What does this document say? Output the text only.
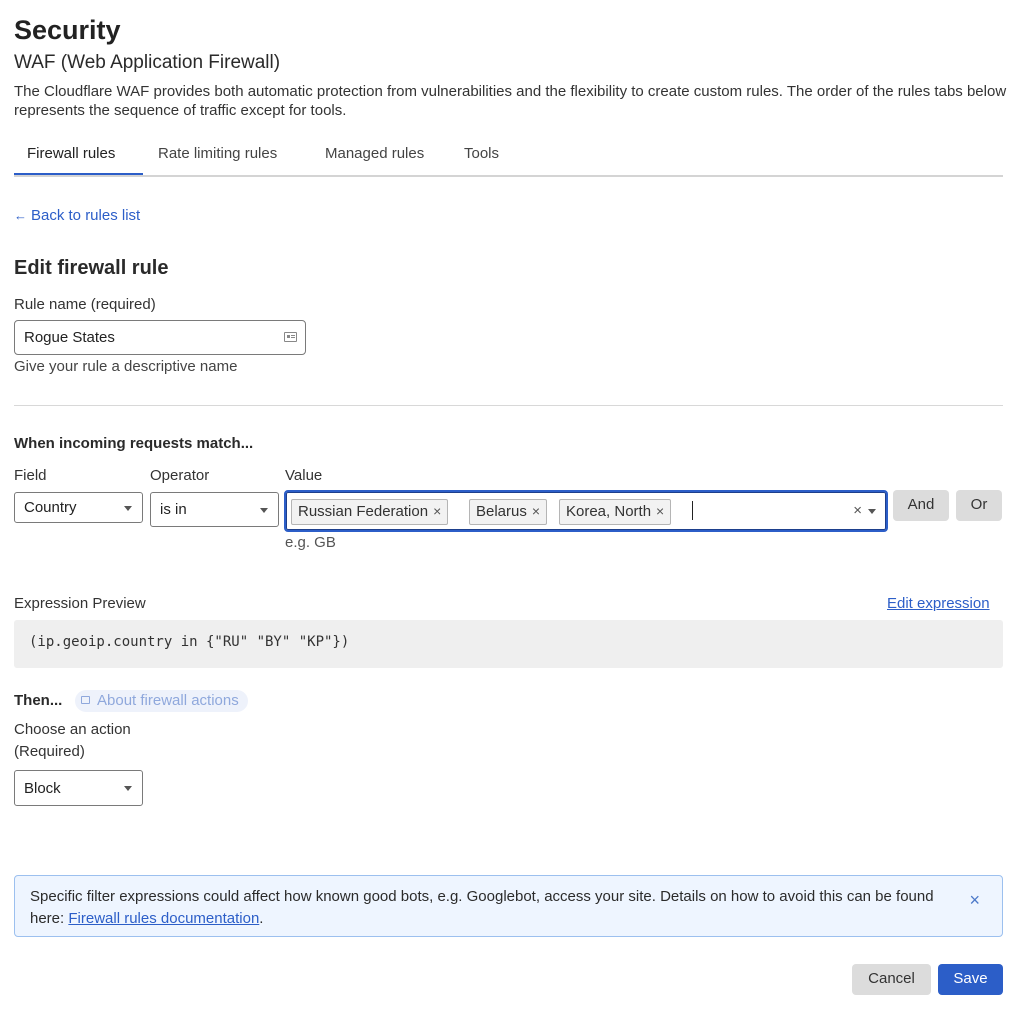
Security
WAF (Web Application Firewall)
The Cloudflare WAF provides both automatic protection from vulnerabilities and the flexibility to create custom rules. The order of the rules tabs below represents the sequence of traffic except for tools.
Firewall rules	Rate limiting rules	Managed rules	Tools
← Back to rules list
Edit firewall rule
Rule name (required)
Rogue States
Give your rule a descriptive name
When incoming requests match...
Field	Operator	Value
Country	is in	Russian Federation ×	Belarus ×	Korea, North ×	×	And	Or
e.g. GB
Expression Preview	Edit expression
(ip.geoip.country in {"RU" "BY" "KP"})
Then...	About firewall actions
Choose an action
(Required)
Block
Specific filter expressions could affect how known good bots, e.g. Googlebot, access your site. Details on how to avoid this can be found here: Firewall rules documentation.
×
Cancel	Save
